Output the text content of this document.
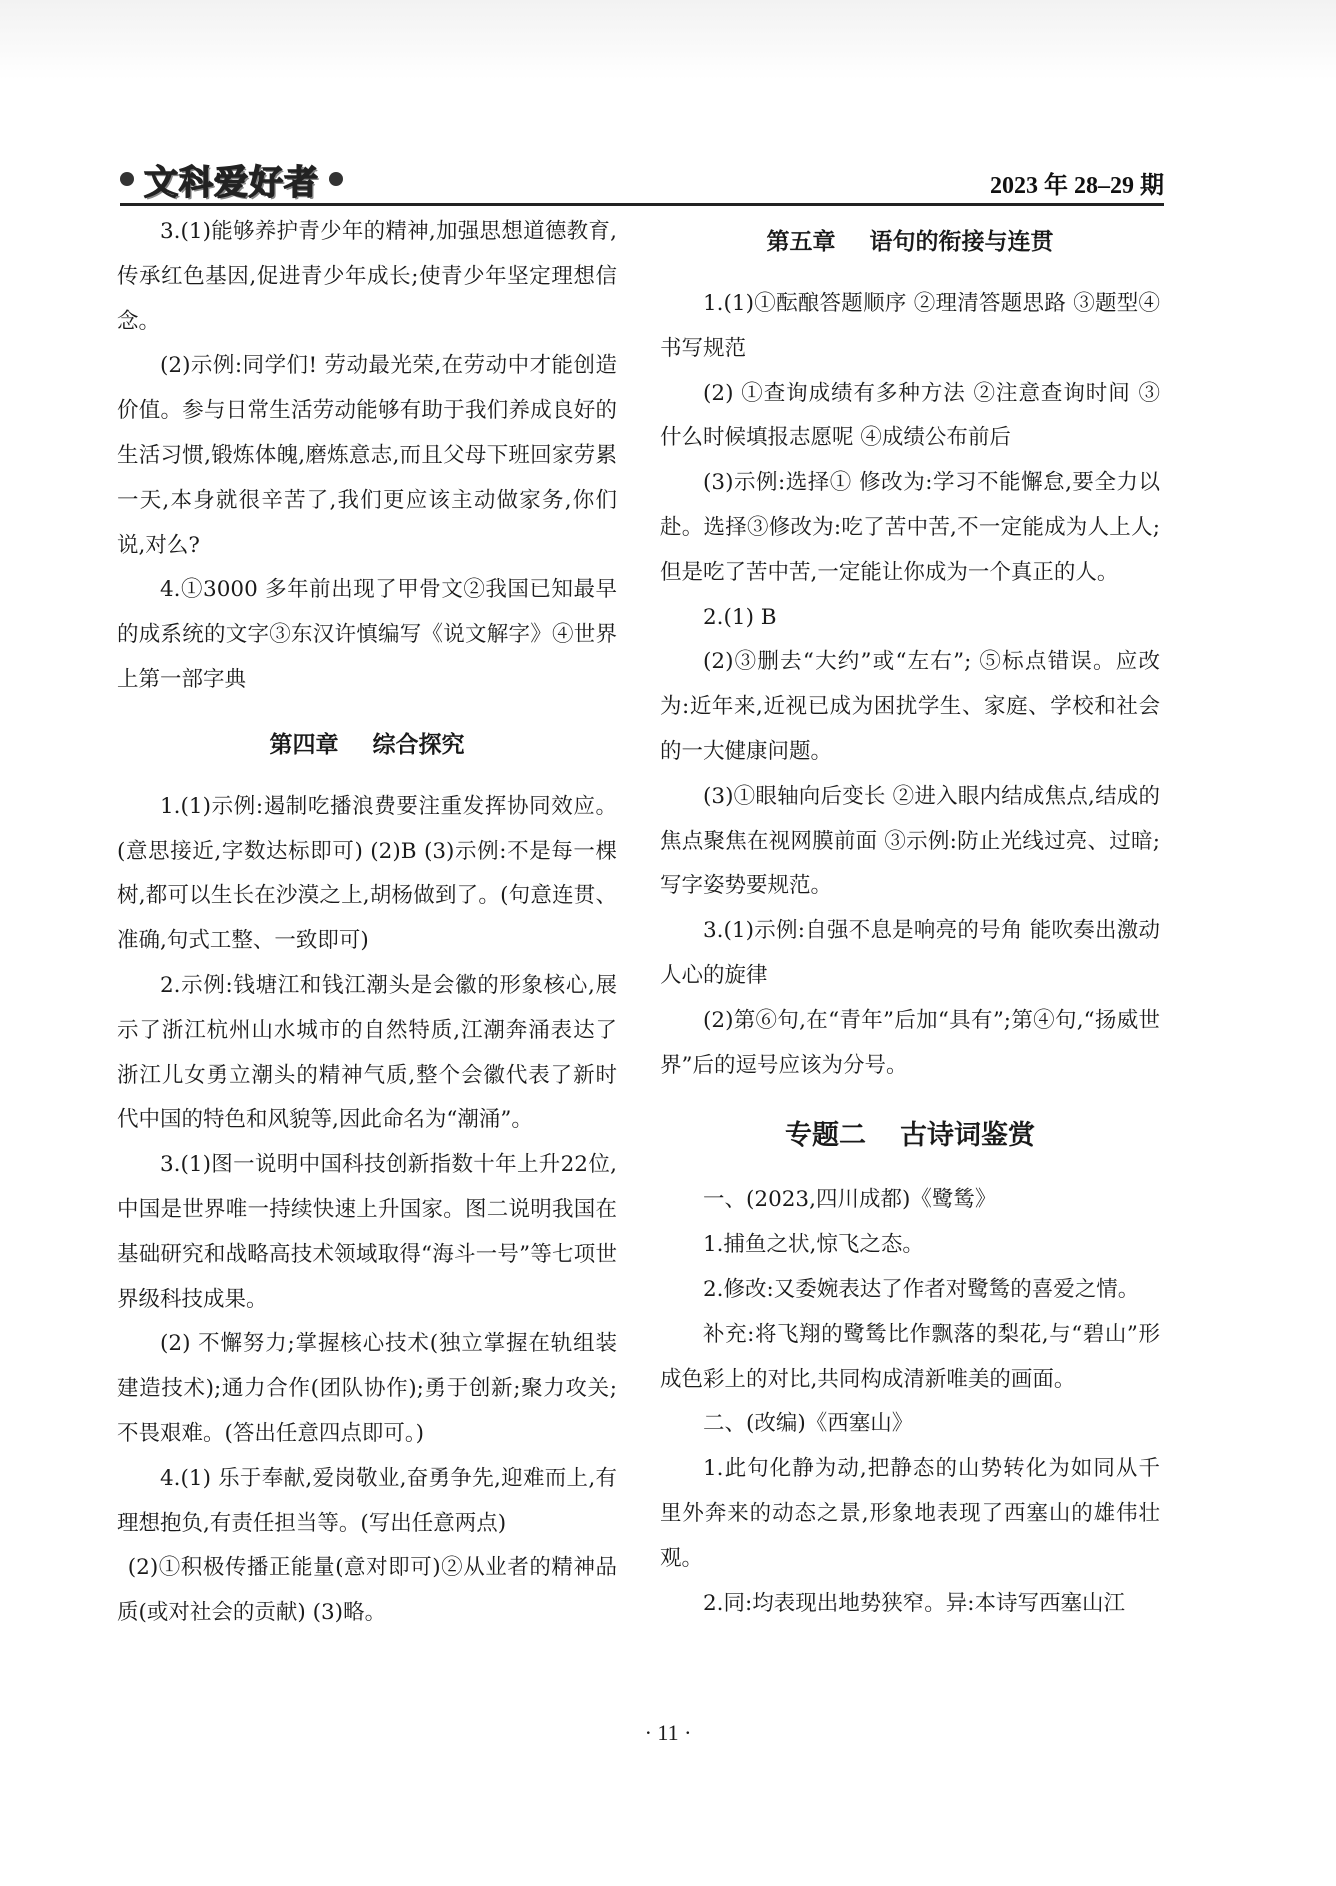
文科爱好者	2023 年 28–29 期

3.(1)能够养护青少年的精神,加强思想道德教育,传承红色基因,促进青少年成长;使青少年坚定理想信念。

(2)示例:同学们! 劳动最光荣,在劳动中才能创造价值。参与日常生活劳动能够有助于我们养成良好的生活习惯,锻炼体魄,磨炼意志,而且父母下班回家劳累一天,本身就很辛苦了,我们更应该主动做家务,你们说,对么?

4.①3000 多年前出现了甲骨文②我国已知最早的成系统的文字③东汉许慎编写《说文解字》④世界上第一部字典

第四章 综合探究

1.(1)示例:遏制吃播浪费要注重发挥协同效应。(意思接近,字数达标即可) (2)B (3)示例:不是每一棵树,都可以生长在沙漠之上,胡杨做到了。(句意连贯、准确,句式工整、一致即可)

2.示例:钱塘江和钱江潮头是会徽的形象核心,展示了浙江杭州山水城市的自然特质,江潮奔涌表达了浙江儿女勇立潮头的精神气质,整个会徽代表了新时代中国的特色和风貌等,因此命名为“潮涌”。

3.(1)图一说明中国科技创新指数十年上升22位,中国是世界唯一持续快速上升国家。图二说明我国在基础研究和战略高技术领域取得“海斗一号”等七项世界级科技成果。

(2) 不懈努力;掌握核心技术(独立掌握在轨组装建造技术);通力合作(团队协作);勇于创新;聚力攻关;不畏艰难。(答出任意四点即可。)

4.(1) 乐于奉献,爱岗敬业,奋勇争先,迎难而上,有理想抱负,有责任担当等。(写出任意两点)

(2)①积极传播正能量(意对即可)②从业者的精神品质(或对社会的贡献) (3)略。

第五章 语句的衔接与连贯

1.(1)①酝酿答题顺序 ②理清答题思路 ③题型④书写规范

(2) ①查询成绩有多种方法 ②注意查询时间 ③什么时候填报志愿呢 ④成绩公布前后

(3)示例:选择① 修改为:学习不能懈怠,要全力以赴。选择③修改为:吃了苦中苦,不一定能成为人上人;但是吃了苦中苦,一定能让你成为一个真正的人。

2.(1) B

(2)③删去“大约”或“左右”; ⑤标点错误。应改为:近年来,近视已成为困扰学生、家庭、学校和社会的一大健康问题。

(3)①眼轴向后变长 ②进入眼内结成焦点,结成的焦点聚焦在视网膜前面 ③示例:防止光线过亮、过暗;写字姿势要规范。

3.(1)示例:自强不息是响亮的号角 能吹奏出激动人心的旋律

(2)第⑥句,在“青年”后加“具有”;第④句,“扬威世界”后的逗号应该为分号。

专题二 古诗词鉴赏

一、(2023,四川成都)《鹭鸶》

1.捕鱼之状,惊飞之态。

2.修改:又委婉表达了作者对鹭鸶的喜爱之情。

补充:将飞翔的鹭鸶比作飘落的梨花,与“碧山”形成色彩上的对比,共同构成清新唯美的画面。

二、(改编)《西塞山》

1.此句化静为动,把静态的山势转化为如同从千里外奔来的动态之景,形象地表现了西塞山的雄伟壮观。

2.同:均表现出地势狭窄。异:本诗写西塞山江

· 11 ·
